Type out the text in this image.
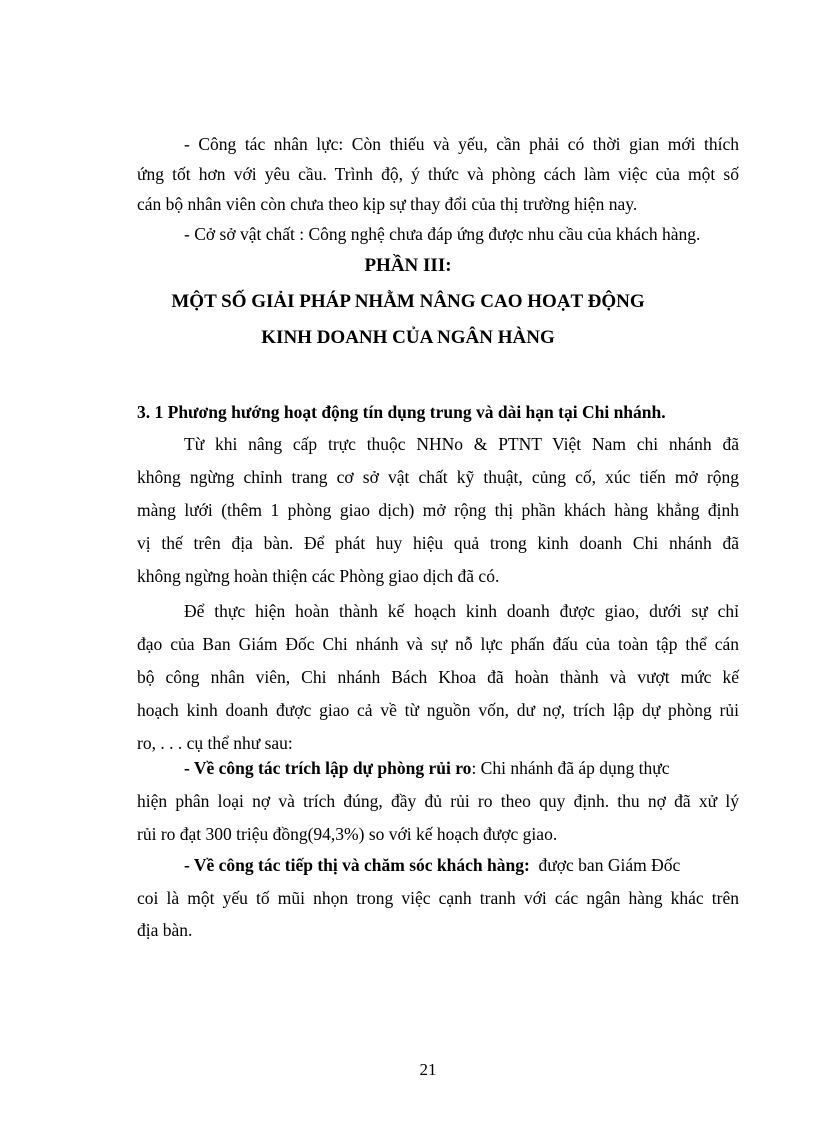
- Công tác nhân lực: Còn thiếu và yếu, cần phải có thời gian mới thích
ứng tốt hơn với yêu cầu. Trình độ, ý thức và phòng cách làm việc của một số
cán bộ nhân viên còn chưa theo kịp sự thay đổi của thị trường hiện nay.
- Cở sở vật chất : Công nghệ chưa đáp ứng được nhu cầu của khách hàng.
PHẦN III:
MỘT SỐ GIẢI PHÁP NHẰM NÂNG CAO HOẠT ĐỘNG
KINH DOANH CỦA NGÂN HÀNG
3. 1 Phương hướng hoạt động tín dụng trung và dài hạn tại Chi nhánh.
Từ khi nâng cấp trực thuộc NHNo & PTNT Việt Nam chi nhánh đã
không ngừng chỉnh trang cơ sở vật chất kỹ thuật, củng cố, xúc tiến mở rộng
màng lưới (thêm 1 phòng giao dịch) mở rộng thị phần khách hàng khẳng định
vị thế trên địa bàn. Để phát huy hiệu quả trong kinh doanh Chi nhánh đã
không ngừng hoàn thiện các Phòng giao dịch đã có.
Để thực hiện hoàn thành kế hoạch kinh doanh được giao, dưới sự chỉ
đạo của Ban Giám Đốc Chi nhánh và sự nỗ lực phấn đấu của toàn tập thể cán
bộ công nhân viên, Chi nhánh Bách Khoa đã hoàn thành và vượt mức kế
hoạch kinh doanh được giao cả về từ nguồn vốn, dư nợ, trích lập dự phòng rủi
ro, . . . cụ thể như sau:
- Về công tác trích lập dự phòng rủi ro: Chi nhánh đã áp dụng thực
hiện phân loại nợ và trích đúng, đầy đủ rủi ro theo quy định. thu nợ đã xử lý
rủi ro đạt 300 triệu đồng(94,3%) so với kế hoạch được giao.
- Về công tác tiếp thị và chăm sóc khách hàng:  được ban Giám Đốc
coi là một yếu tố mũi nhọn trong việc cạnh tranh với các ngân hàng khác trên
địa bàn.
21
